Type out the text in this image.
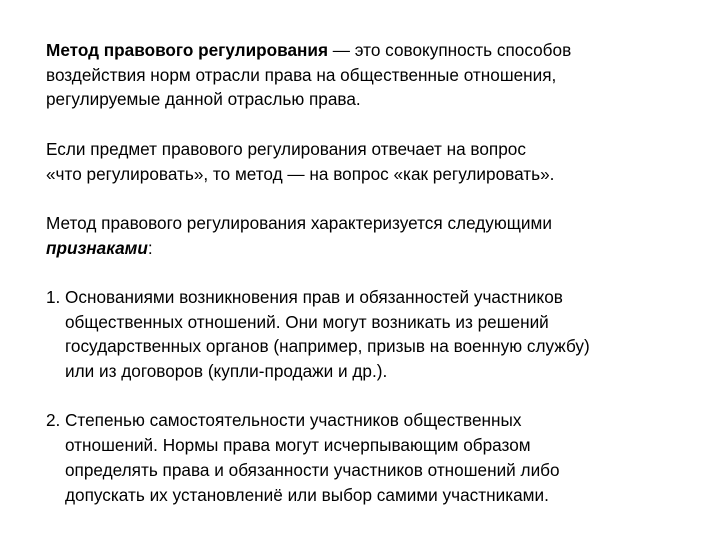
Метод правового регулирования — это совокупность способов
воздействия норм отрасли права на общественные отношения,
регулируемые данной отраслью права.

Если предмет правового регулирования отвечает на вопрос
«что регулировать», то метод — на вопрос «как регулировать».

Метод правового регулирования характеризуется следующими
признаками:

1. Основаниями возникновения прав и обязанностей участников
общественных отношений. Они могут возникать из решений
государственных органов (например, призыв на военную службу)
или из договоров (купли-продажи и др.).
2. Степенью самостоятельности участников общественных
отношений. Нормы права могут исчерпывающим образом
определять права и обязанности участников отношений либо
допускать их установлениё или выбор самими участниками.
